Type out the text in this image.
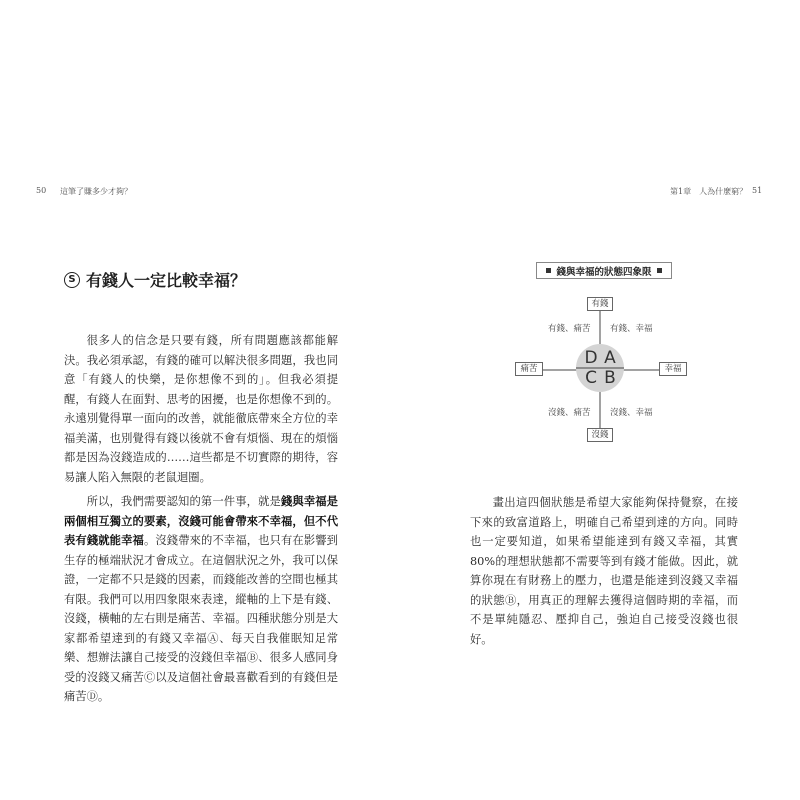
50 這筆了賺多少才夠？
S 有錢人一定比較幸福？

很多人的信念是只要有錢，所有問題應該都能解決。我必須承認，有錢的確可以解決很多問題，我也同意「有錢人的快樂，是你想像不到的」。但我必須提醒，有錢人在面對、思考的困擾，也是你想像不到的。永遠別覺得單一面向的改善，就能徹底帶來全方位的幸福美滿，也別覺得有錢以後就不會有煩惱、現在的煩惱都是因為沒錢造成的……這些都是不切實際的期待，容易讓人陷入無限的老鼠迴圈。

所以，我們需要認知的第一件事，就是錢與幸福是兩個相互獨立的要素，沒錢可能會帶來不幸福，但不代表有錢就能幸福。沒錢帶來的不幸福，也只有在影響到生存的極端狀況才會成立。在這個狀況之外，我可以保證，一定都不只是錢的因素，而錢能改善的空間也極其有限。我們可以用四象限來表達，縱軸的上下是有錢、沒錢，橫軸的左右則是痛苦、幸福。四種狀態分別是大家都希望達到的有錢又幸福Ⓐ、每天自我催眠知足常樂、想辦法讓自己接受的沒錢但幸福Ⓑ、很多人感同身受的沒錢又痛苦Ⓒ以及這個社會最喜歡看到的有錢但是痛苦Ⓓ。

第1章　人為什麼窮？ 51
錢與幸福的狀態四象限
有錢
沒錢
痛苦	幸福
有錢、痛苦 有錢、幸福
沒錢、痛苦 沒錢、幸福
D A
C B

畫出這四個狀態是希望大家能夠保持覺察，在接下來的致富道路上，明確自己希望到達的方向。同時也一定要知道，如果希望能達到有錢又幸福，其實80%的理想狀態都不需要等到有錢才能做。因此，就算你現在有財務上的壓力，也還是能達到沒錢又幸福的狀態Ⓑ，用真正的理解去獲得這個時期的幸福，而不是單純隱忍、壓抑自己，強迫自己接受沒錢也很好。
